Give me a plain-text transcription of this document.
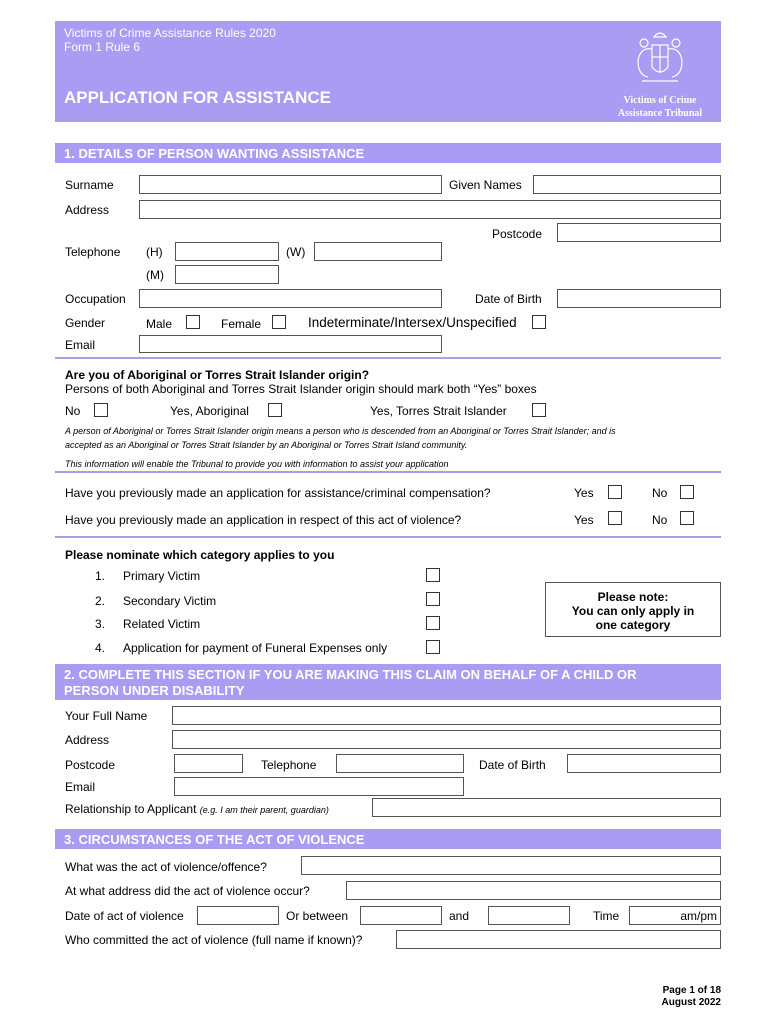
Victims of Crime Assistance Rules 2020
Form 1 Rule 6
APPLICATION FOR ASSISTANCE	Victims of Crime
Assistance Tribunal
1. DETAILS OF PERSON WANTING ASSISTANCE
Surname	Given Names
Address
Postcode
Telephone (H)	(W)
(M)
Occupation	Date of Birth
Gender	Male	Female	Indeterminate/Intersex/Unspecified
Email
Are you of Aboriginal or Torres Strait Islander origin?
Persons of both Aboriginal and Torres Strait Islander origin should mark both “Yes” boxes
No	Yes, Aboriginal	Yes, Torres Strait Islander
A person of Aboriginal or Torres Strait Islander origin means a person who is descended from an Aboriginal or Torres Strait Islander; and is
accepted as an Aboriginal or Torres Strait Islander by an Aboriginal or Torres Strait Island community.
This information will enable the Tribunal to provide you with information to assist your application
Have you previously made an application for assistance/criminal compensation?	Yes	No
Have you previously made an application in respect of this act of violence?	Yes	No
Please nominate which category applies to you
1. Primary Victim
2. Secondary Victim
3. Related Victim
4. Application for payment of Funeral Expenses only
Please note:
You can only apply in
one category
2. COMPLETE THIS SECTION IF YOU ARE MAKING THIS CLAIM ON BEHALF OF A CHILD OR
PERSON UNDER DISABILITY
Your Full Name
Address
Postcode	Telephone	Date of Birth
Email
Relationship to Applicant (e.g. I am their parent, guardian)
3. CIRCUMSTANCES OF THE ACT OF VIOLENCE
What was the act of violence/offence?
At what address did the act of violence occur?
Date of act of violence	Or between	and	Time	am/pm
Who committed the act of violence (full name if known)?
Page 1 of 18
August 2022
